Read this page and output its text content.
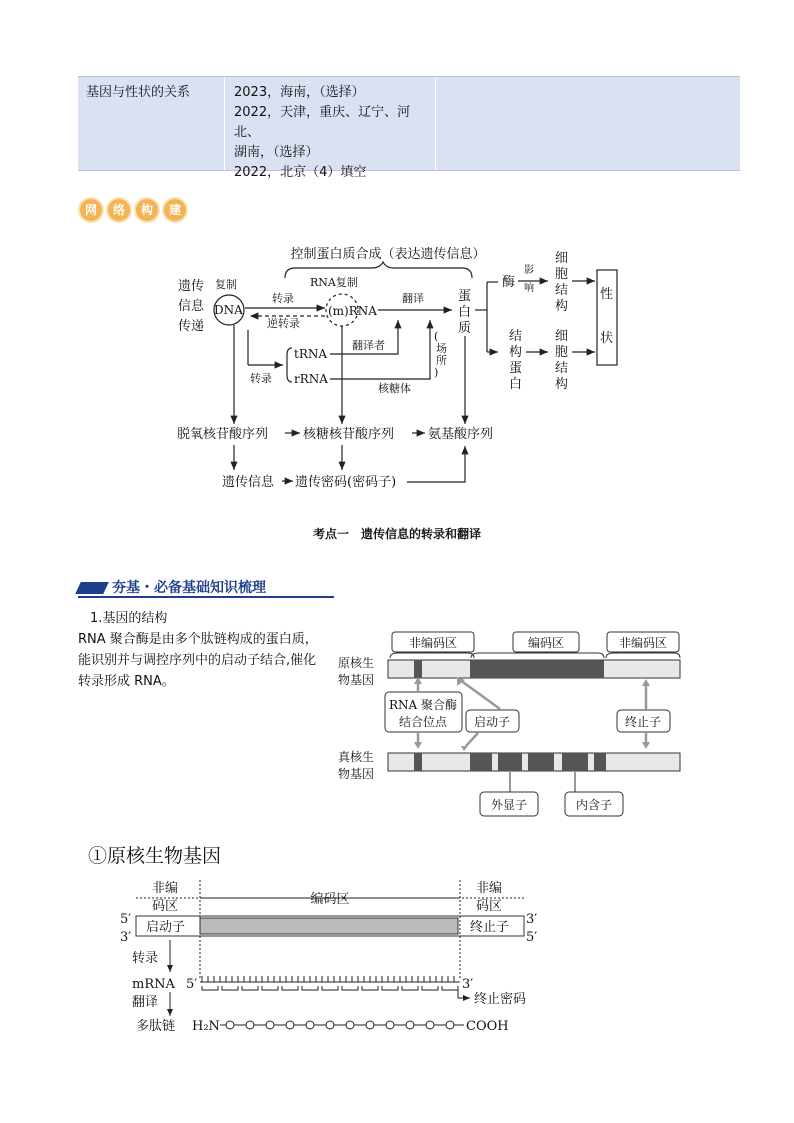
基因与性状的关系	2023，海南，（选择）
2022，天津，重庆、辽宁、河北、
湖南，（选择）
2022，北京（4）填空
网	络	构	建
控制蛋白质合成（表达遗传信息）
遗传
信息
传递
复制
DNA
转录
逆转录
RNA复制
(m)RNA
翻译	蛋
白
质
tRNA
rRNA
转录
翻译者
核糖体
(
场
所
)
酶
影
响
细
胞
结
构
结
构
蛋
白
细
胞
结
构
性
状
脱氧核苷酸序列	核糖核苷酸序列	氨基酸序列
遗传信息 遗传密码(密码子)
考点一　遗传信息的转录和翻译
夯基・必备基础知识梳理
1.基因的结构
RNA 聚合酶是由多个肽链构成的蛋白质，能识别并与调控序列中的启动子结合,催化转录形成 RNA。
非编码区	编码区	非编码区
原核生
物基因
RNA 聚合酶
结合位点 启动子	终止子
真核生
物基因
外显子	内含子
①原核生物基因
非编
码区	编码区
非编
码区
5′
3′
3′
5′
启动子	终止子
转录
mRNA 5′	3′
翻译	终止密码
多肽链 H₂N	COOH
